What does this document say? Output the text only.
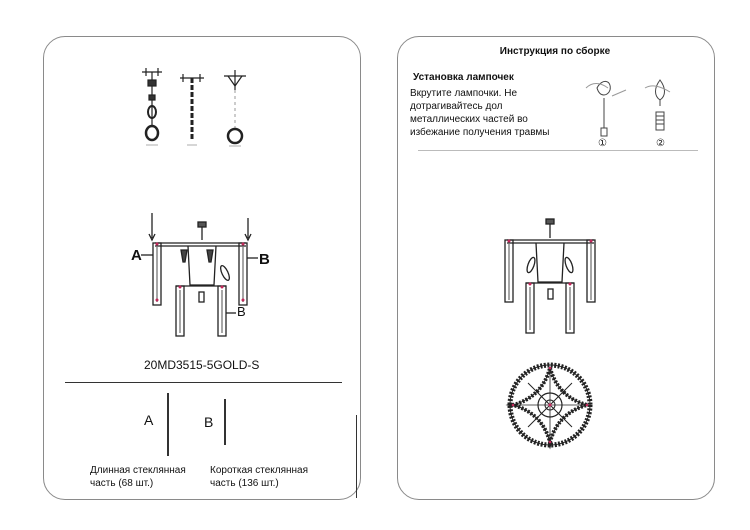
A	B
B
20MD3515-5GOLD-S
A	B
Длинная стеклянная
часть (68 шт.)
Короткая стеклянная
часть (136 шт.)
Инструкция по сборке
Установка лампочек
Вкрутите лампочки. Не
дотрагивайтесь дол
металлических частей во
избежание получения травмы
①	②
